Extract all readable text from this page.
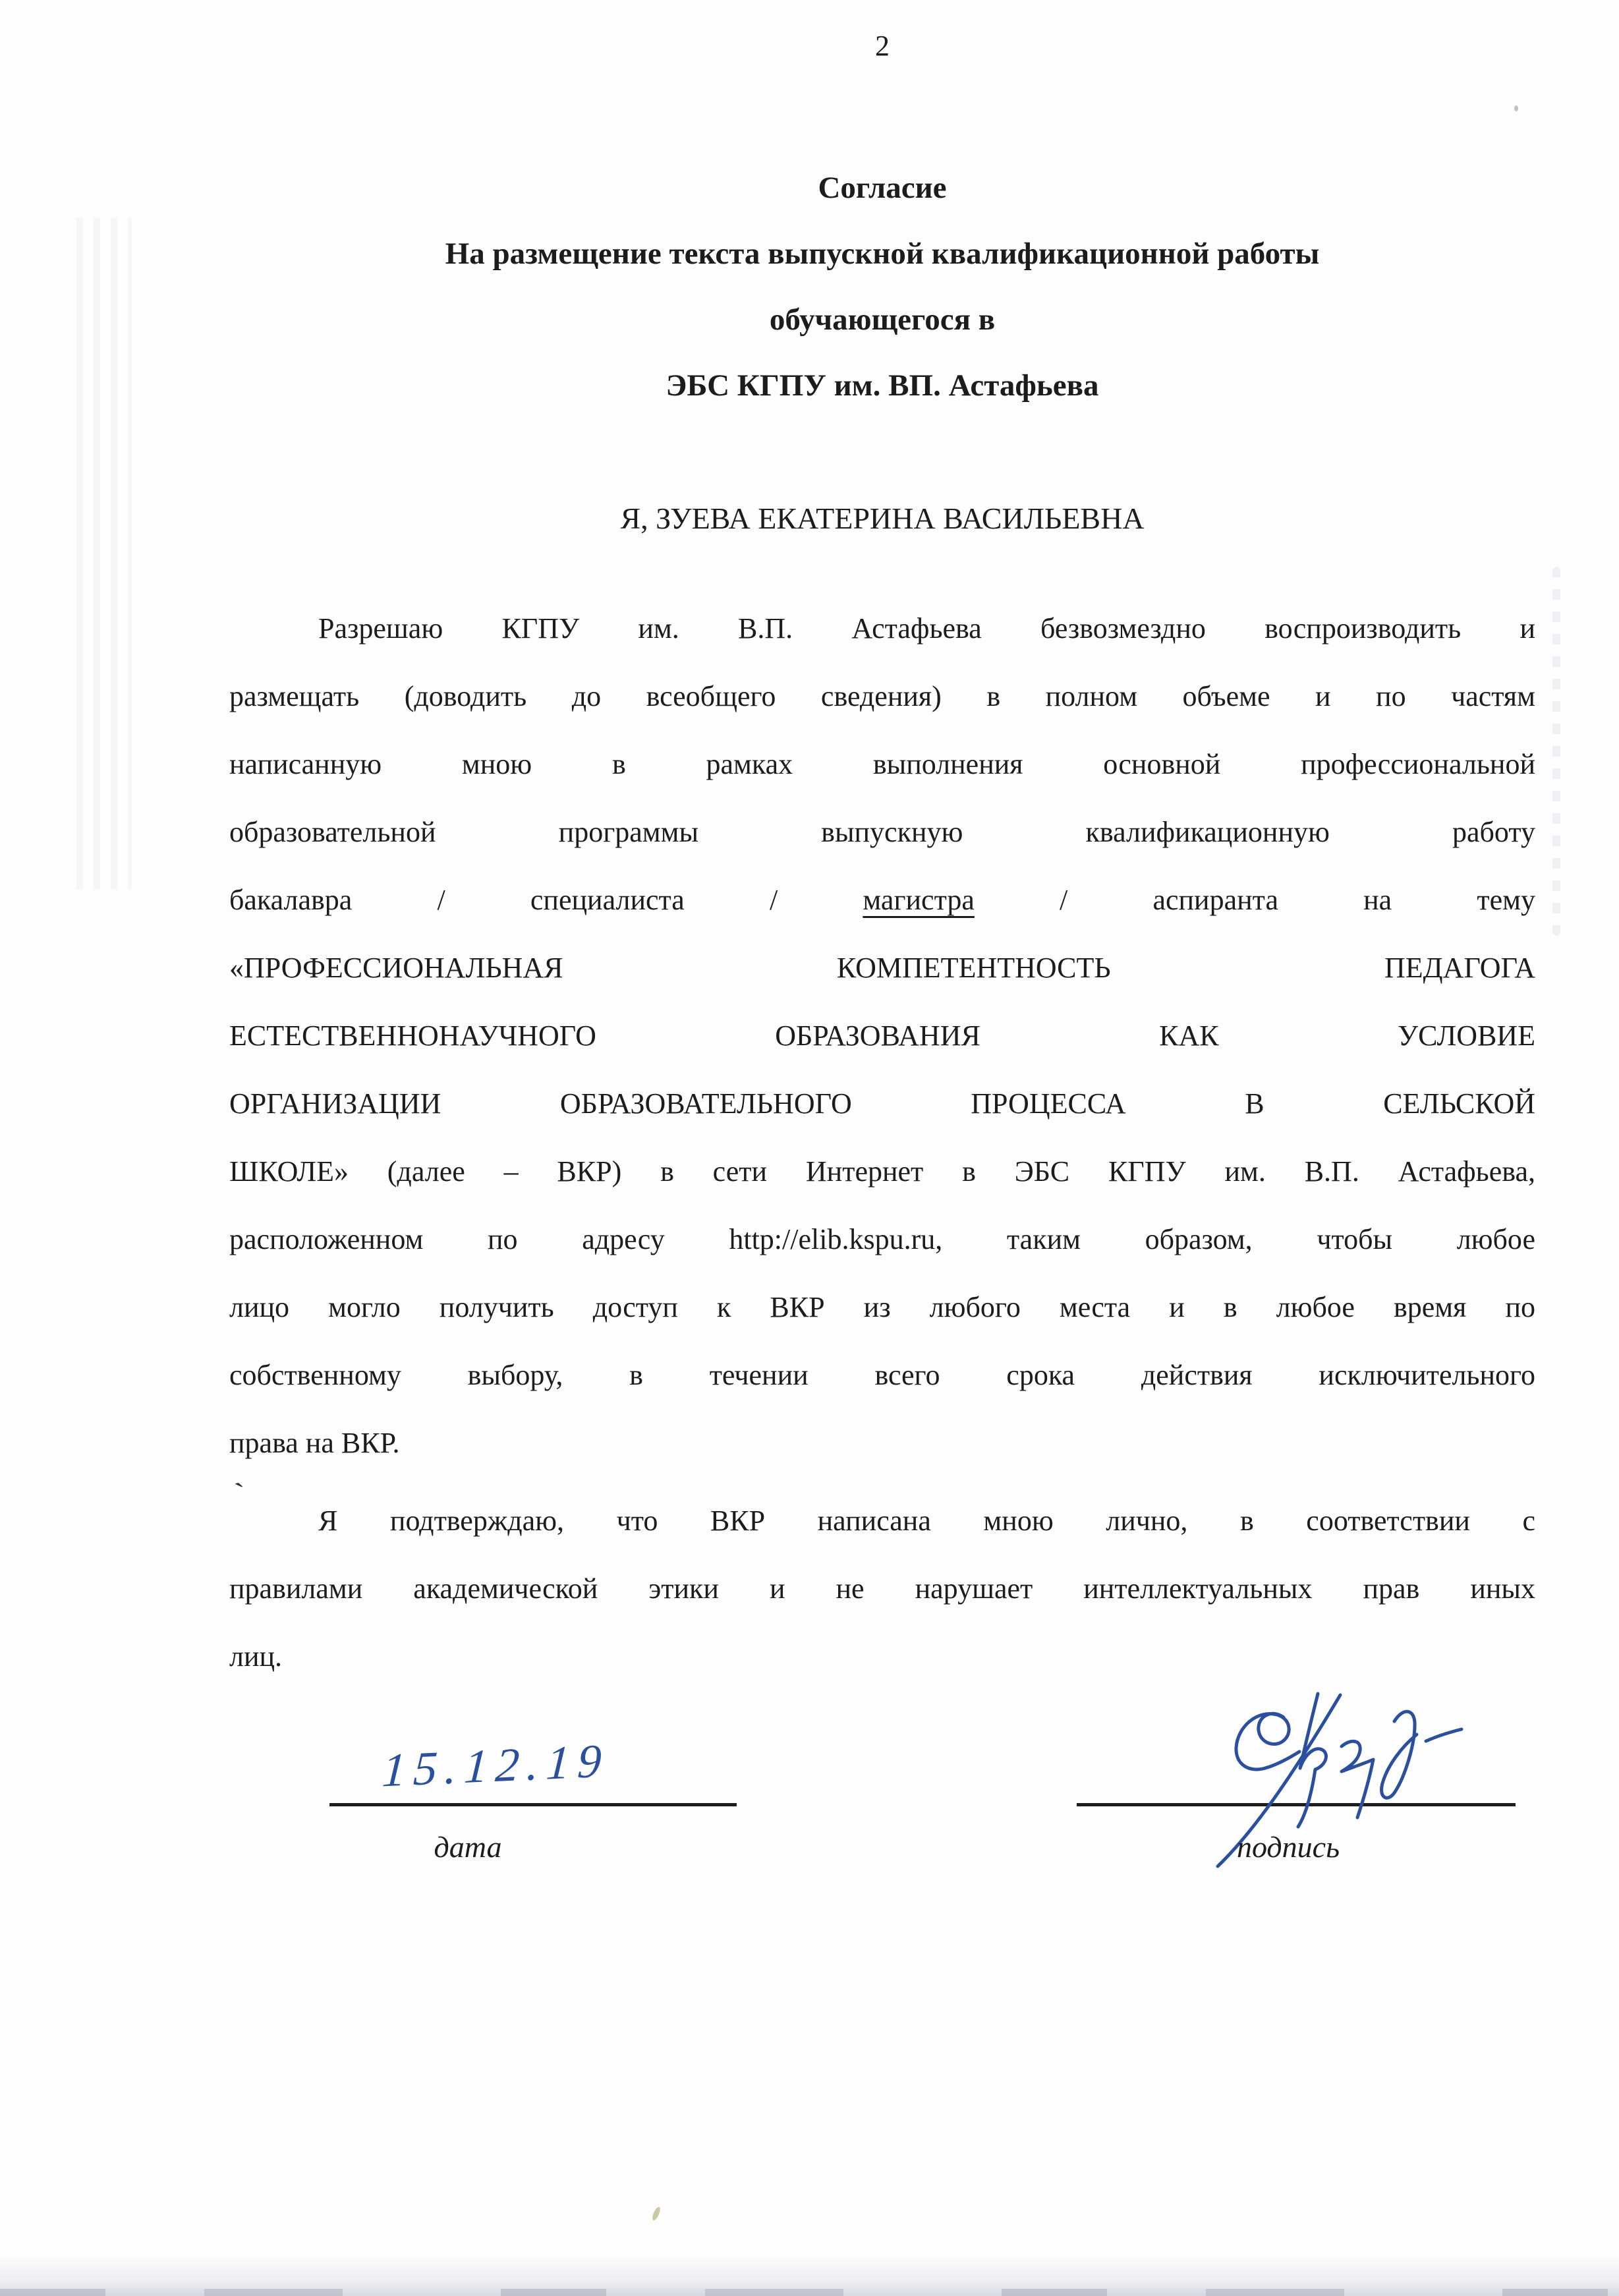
2
Согласие
На размещение текста выпускной квалификационной работы
обучающегося в
ЭБС КГПУ им. ВП. Астафьева
Я, ЗУЕВА ЕКАТЕРИНА ВАСИЛЬЕВНА
Разрешаю КГПУ им. В.П. Астафьева безвозмездно воспроизводить и
размещать (доводить до всеобщего сведения) в полном объеме и по частям
написанную мною в рамках выполнения основной профессиональной
образовательной программы выпускную квалификационную работу
бакалавра / специалиста / магистра / аспиранта на тему
«ПРОФЕССИОНАЛЬНАЯ КОМПЕТЕНТНОСТЬ ПЕДАГОГА
ЕСТЕСТВЕННОНАУЧНОГО ОБРАЗОВАНИЯ КАК УСЛОВИЕ
ОРГАНИЗАЦИИ ОБРАЗОВАТЕЛЬНОГО ПРОЦЕССА В СЕЛЬСКОЙ
ШКОЛЕ» (далее – ВКР) в сети Интернет в ЭБС КГПУ им. В.П. Астафьева,
расположенном по адресу http://elib.kspu.ru, таким образом, чтобы любое
лицо могло получить доступ к ВКР из любого места и в любое время по
собственному выбору, в течении всего срока действия исключительного
права на ВКР.
Я подтверждаю, что ВКР написана мною лично, в соответствии с
правилами академической этики и не нарушает интеллектуальных прав иных
лиц.
15.12.19
дата	подпись
`
